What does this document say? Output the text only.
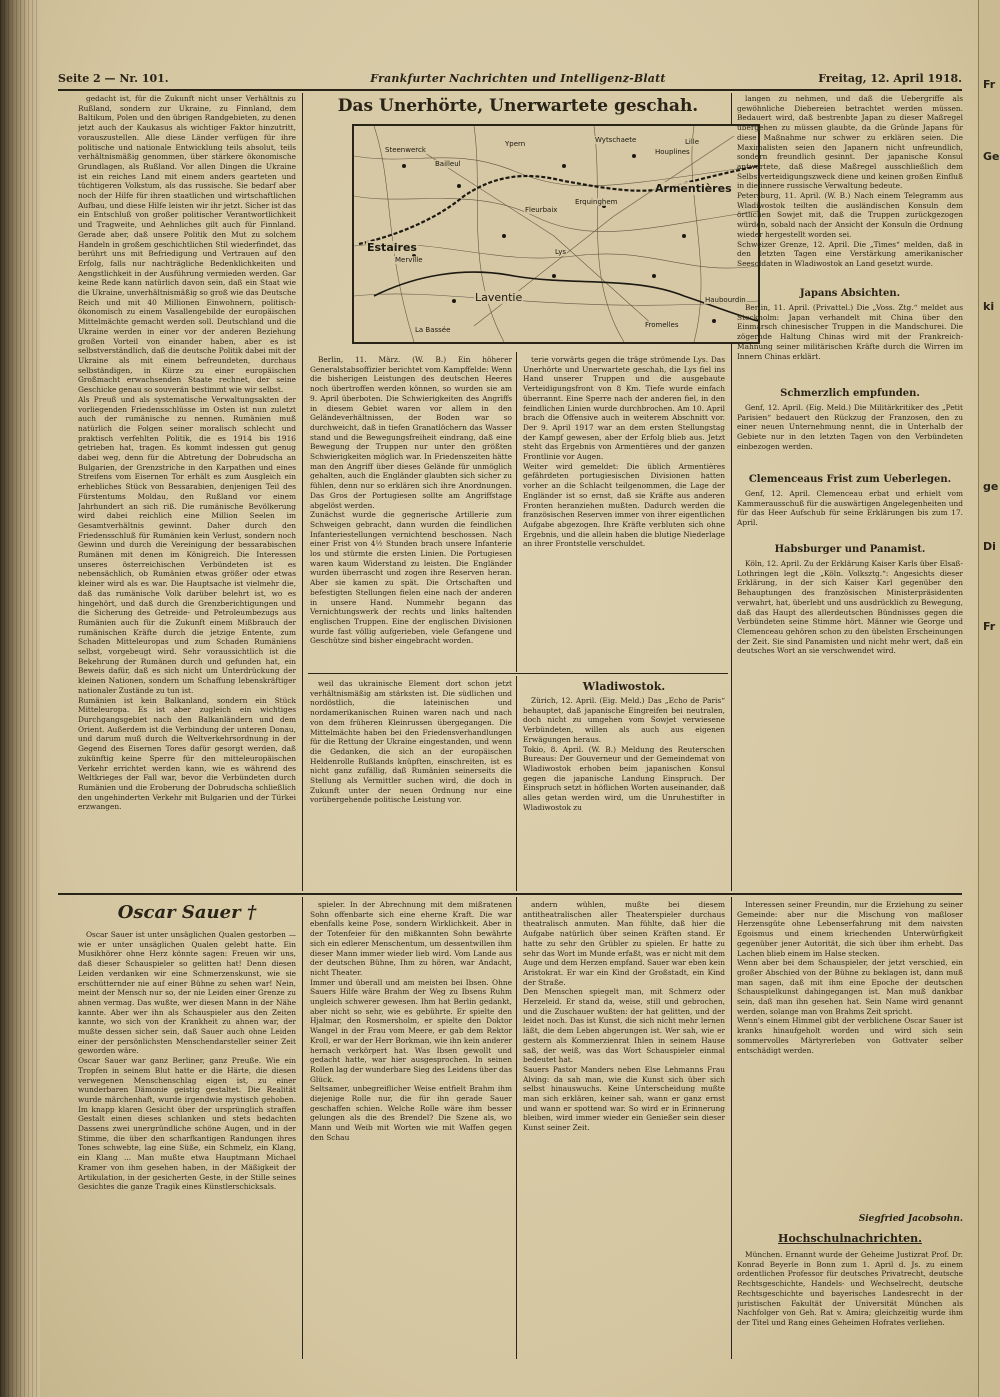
Seite 2 — Nr. 101.	Frankfurter Nachrichten und Intelligenz-Blatt	Freitag, 12. April 1918.

gedacht ist, für die Zukunft nicht unser Verhältnis zu Rußland, sondern zur Ukraine, zu Finnland, dem Baltikum, Polen und den übrigen Randgebieten, zu denen jetzt auch der Kaukasus als wichtiger Faktor hinzutritt, vorauszustellen. Alle diese Länder verfügen für ihre politische und nationale Entwicklung teils absolut, teils verhältnismäßig genommen, über stärkere ökonomische Grundlagen, als Rußland. Vor allen Dingen die Ukraine ist ein reiches Land mit einem anders gearteten und tüchtigeren Volkstum, als das russische. Sie bedarf aber noch der Hilfe für ihren staatlichen und wirtschaftlichen Aufbau, und diese Hilfe leisten wir ihr jetzt. Sicher ist das ein Entschluß von großer politischer Verantwortlichkeit und Tragweite, und Aehnliches gilt auch für Finnland. Gerade aber, daß unsere Politik den Mut zu solchem Handeln in großem geschichtlichen Stil wiederfindet, das berührt uns mit Befriedigung und Vertrauen auf den Erfolg, falls nur nachträgliche Bedenklichkeiten und Aengstlichkeit in der Ausführung vermieden werden. Gar keine Rede kann natürlich davon sein, daß ein Staat wie die Ukraine, unverhältnismäßig so groß wie das Deutsche Reich und mit 40 Millionen Einwohnern, politisch-ökonomisch zu einem Vasallengebilde der europäischen Mittelmächte gemacht werden soll. Deutschland und die Ukraine werden in einer vor der anderen Beziehung großen Vorteil von einander haben, aber es ist selbstverständlich, daß die deutsche Politik dabei mit der Ukraine als mit einem befreundeten, durchaus selbständigen, in Kürze zu einer europäischen Großmacht erwachsenden Staate rechnet, der seine Geschicke genau so souverän bestimmt wie wir selbst.
Als Preuß und als systematische Verwaltungsakten der vorliegenden Friedensschlüsse im Osten ist nun zuletzt auch der rumänische zu nennen. Rumänien muß natürlich die Folgen seiner moralisch schlecht und praktisch verfehlten Politik, die es 1914 bis 1916 getrieben hat, tragen. Es kommt indessen gut genug dabei weg, denn für die Abtretung der Dobrudscha an Bulgarien, der Grenzstriche in den Karpathen und eines Streifens vom Eisernen Tor erhält es zum Ausgleich ein erhebliches Stück von Bessarabien, denjenigen Teil des Fürstentums Moldau, den Rußland vor einem Jahrhundert an sich riß. Die rumänische Bevölkerung wird dabei reichlich eine Million Seelen im Gesamtverhältnis gewinnt. Daher durch den Friedensschluß für Rumänien kein Verlust, sondern noch Gewinn und durch die Vereinigung der bessarabischen Rumänen mit denen im Königreich. Die Interessen unseres österreichischen Verbündeten ist es nebensächlich, ob Rumänien etwas größer oder etwas kleiner wird als es war. Die Hauptsache ist vielmehr die, daß das rumänische Volk darüber belehrt ist, wo es hingehört, und daß durch die Grenzberichtigungen und die Sicherung des Getreide- und Petroleumbezugs aus Rumänien auch für die Zukunft einem Mißbrauch der rumänischen Kräfte durch die jetzige Entente, zum Schaden Mitteleuropas und zum Schaden Rumäniens selbst, vorgebeugt wird. Sehr voraussichtlich ist die Bekehrung der Rumänen durch und gefunden hat, ein Beweis dafür, daß es sich nicht um Unterdrückung der kleinen Nationen, sondern um Schaffung lebenskräftiger nationaler Zustände zu tun ist.
Rumänien ist kein Balkanland, sondern ein Stück Mitteleuropa. Es ist aber zugleich ein wichtiges Durchgangsgebiet nach den Balkanländern und dem Orient. Außerdem ist die Verbindung der unteren Donau, und darum muß durch die Weltverkehrsordnung in der Gegend des Eisernen Tores dafür gesorgt werden, daß zukünftig keine Sperre für den mitteleuropäischen Verkehr errichtet werden kann, wie es während des Weltkrieges der Fall war, bevor die Verbündeten durch Rumänien und die Eroberung der Dobrudscha schließlich den ungehinderten Verkehr mit Bulgarien und der Türkei erzwangen.

Das Unerhörte, Unerwartete geschah.
Ypern
Bailleul
Armentières
Estaires
Merville
Laventie
Fleurbaix
Erquinghem
Lille
Fromelles
La Bassée
Haubourdin
Houplines
Lys
Steenwerck
Wytschaete

Berlin, 11. März. (W. B.) Ein höherer Generalstabsoffizier berichtet vom Kampffelde: Wenn die bisherigen Leistungen des deutschen Heeres noch übertroffen werden können, so wurden sie am 9. April überboten. Die Schwierigkeiten des Angriffs in diesem Gebiet waren vor allem in den Geländeverhältnissen, der Boden war so durchweicht, daß in tiefen Granatlöchern das Wasser stand und die Bewegungsfreiheit eindrang, daß eine Bewegung der Truppen nur unter den größten Schwierigkeiten möglich war. In Friedenszeiten hätte man den Angriff über dieses Gelände für unmöglich gehalten, auch die Engländer glaubten sich sicher zu fühlen, denn nur so erklären sich ihre Anordnungen. Das Gros der Portugiesen sollte am Angriffstage abgelöst werden.
Zunächst wurde die gegnerische Artillerie zum Schweigen gebracht, dann wurden die feindlichen Infanteriestellungen vernichtend beschossen. Nach einer Frist von 4½ Stunden brach unsere Infanterie los und stürmte die ersten Linien. Die Portugiesen waren kaum Widerstand zu leisten. Die Engländer wurden überrascht und zogen ihre Reserven heran. Aber sie kamen zu spät. Die Ortschaften und befestigten Stellungen fielen eine nach der anderen in unsere Hand. Nummehr begann das Vernichtungswerk der rechts und links haltenden englischen Truppen. Eine der englischen Divisionen wurde fast völlig aufgerieben, viele Gefangene und Geschütze sind bisher eingebracht worden.

terie vorwärts gegen die träge strömende Lys. Das Unerhörte und Unerwartete geschah, die Lys fiel ins Hand unserer Truppen und die ausgebaute Verteidigungsfront von 8 Km. Tiefe wurde einfach überrannt. Eine Sperre nach der anderen fiel, in den feindlichen Linien wurde durchbrochen. Am 10. April brach die Offensive auch in weiterem Abschnitt vor. Der 9. April 1917 war an dem ersten Stellungstag der Kampf gewesen, aber der Erfolg blieb aus. Jetzt steht das Ergebnis von Armentières und der ganzen Frontlinie vor Augen.
Weiter wird gemeldet: Die üblich Armentières gefährdeten portugiesischen Divisionen hatten vorher an die Schlacht teilgenommen, die Lage der Engländer ist so ernst, daß sie Kräfte aus anderen Fronten heranziehen mußten. Dadurch werden die französischen Reserven immer von ihrer eigentlichen Aufgabe abgezogen. Ihre Kräfte verbluten sich ohne Ergebnis, und die allein haben die blutige Niederlage an ihrer Frontstelle verschuldet.

weil das ukrainische Element dort schon jetzt verhältnismäßig am stärksten ist. Die südlichen und nordöstlich, die lateinischen und nordamerikanischen Ruinen waren nach und nach von dem früheren Kleinrussen übergegangen. Die Mittelmächte haben bei den Friedensverhandlungen für die Rettung der Ukraine eingestanden, und wenn die Gedanken, die sich an der europäischen Heldenrolle Rußlands knüpften, einschreiten, ist es nicht ganz zufällig, daß Rumänien seinerseits die Stellung als Vermittler suchen wird, die doch in Zukunft unter der neuen Ordnung nur eine vorübergehende politische Leistung vor.

Wladiwostok.

Zürich, 12. April. (Eig. Meld.) Das „Echo de Paris“ behauptet, daß japanische Eingreifen bei neutralen, doch nicht zu umgehen vom Sowjet verwiesene Verbündeten, willen als auch aus eigenen Erwägungen heraus.
Tokio, 8. April. (W. B.) Meldung des Reuterschen Bureaus: Der Gouverneur und der Gemeindemat von Wladiwostok erhoben beim japanischen Konsul gegen die japanische Landung Einspruch. Der Einspruch setzt in höflichen Worten auseinander, daß alles getan werden wird, um die Unruhestifter in Wladiwostok zu

langen zu nehmen, und daß die Uebergriffe als gewöhnliche Diebereien betrachtet werden müssen. Bedauert wird, daß bestrenbte Japan zu dieser Maßregel übergehen zu müssen glaubte, da die Gründe Japans für diese Maßnahme nur schwer zu erklären seien. Die Maximalisten seien den Japanern nicht unfreundlich, sondern freundlich gesinnt. Der japanische Konsul antwortete, daß diese Maßregel ausschließlich dem Selbstverteidigungszweck diene und keinen großen Einfluß in die innere russische Verwaltung bedeute.
Petersburg, 11. April. (W. B.) Nach einem Telegramm aus Wladiwostok teilten die ausländischen Konsuln dem örtlichen Sowjet mit, daß die Truppen zurückgezogen würden, sobald nach der Ansicht der Konsuln die Ordnung wieder hergestellt worden sei.
Schweizer Grenze, 12. April. Die „Times“ melden, daß in den letzten Tagen eine Verstärkung amerikanischer Seesoldaten in Wladiwostok an Land gesetzt wurde.

Japans Absichten.

Berlin, 11. April. (Privattel.) Die „Voss. Ztg.“ meldet aus Stockholm: Japan verhandelt mit China über den Einmarsch chinesischer Truppen in die Mandschurei. Die zögernde Haltung Chinas wird mit der Frankreich-Mahnung seiner militärischen Kräfte durch die Wirren im Innern Chinas erklärt.

Schmerzlich empfunden.

Genf, 12. April. (Eig. Meld.) Die Militärkritiker des „Petit Parisien“ bedauert den Rückzug der Franzosen, den zu einer neuen Unternehmung nennt, die in Unterhalb der Gebiete nur in den letzten Tagen von den Verbündeten einbezogen werden.

Clemenceaus Frist zum Ueberlegen.

Genf, 12. April. Clemenceau erbat und erhielt vom Kammerausschuß für die auswärtigen Angelegenheiten und für das Heer Aufschub für seine Erklärungen bis zum 17. April.

Habsburger und Panamist.

Köln, 12. April. Zu der Erklärung Kaiser Karls über Elsaß-Lothringen legt die „Köln. Volksztg.“: Angesichts dieser Erklärung, in der sich Kaiser Karl gegenüber den Behauptungen des französischen Ministerpräsidenten verwahrt, hat, überlebt und uns ausdrücklich zu Bewegung, daß das Haupt des allerdeutschen Bündnisses gegen die Verbündeten seine Stimme hört. Männer wie George und Clemenceau gehören schon zu den übelsten Erscheinungen der Zeit. Sie sind Panamisten und nicht mehr wert, daß ein deutsches Wort an sie verschwendet wird.

Oscar Sauer †

Oscar Sauer ist unter unsäglichen Qualen gestorben — wie er unter unsäglichen Qualen gelebt hatte. Ein Musikhörer ohne Herz könnte sagen: Freuen wir uns, daß dieser Schauspieler so gelitten hat! Denn diesen Leiden verdanken wir eine Schmerzenskunst, wie sie erschütternder nie auf einer Bühne zu sehen war! Nein, meint der Mensch nur so, der nie Leiden einer Grenze zu ahnen vermag. Das wußte, wer diesen Mann in der Nähe kannte. Aber wer ihn als Schauspieler aus den Zeiten kannte, wo sich von der Krankheit zu ahnen war, der mußte dessen sicher sein, daß Sauer auch ohne Leiden einer der persönlichsten Menschendarsteller seiner Zeit geworden wäre.
Oscar Sauer war ganz Berliner, ganz Preuße. Wie ein Tropfen in seinem Blut hatte er die Härte, die diesen verwegenen Menschenschlag eigen ist, zu einer wunderbaren Dämonie geistig gestaltet. Die Realität wurde märchenhaft, wurde irgendwie mystisch gehoben. Im knapp klaren Gesicht über der ursprünglich straffen Gestalt einen dieses schlanken und stets bedachten Dassens zwei unergründliche schöne Augen, und in der Stimme, die über den scharfkantigen Randungen ihres Tones schwebte, lag eine Süße, ein Schmelz, ein Klang, ein Klang ... Man mußte etwa Hauptmann Michael Kramer von ihm gesehen haben, in der Mäßigkeit der Artikulation, in der gesicherten Geste, in der Stille seines Gesichtes die ganze Tragik eines Künstlerschicksals.

spieler. In der Abrechnung mit dem mißratenen Sohn offenbarte sich eine eherne Kraft. Die war ebenfalls keine Pose, sondern Wirklichkeit. Aber in der Totenfeier für den mißkannten Sohn bewährte sich ein edlerer Menschentum, um dessentwillen ihm dieser Mann immer wieder lieb wird. Vom Lande aus der deutschen Bühne, Ihm zu hören, war Andacht, nicht Theater.
Immer und überall und am meisten bei Ibsen. Ohne Sauers Hilfe wäre Brahm der Weg zu Ibsens Ruhm ungleich schwerer gewesen. Ihm hat Berlin gedankt, aber nicht so sehr, wie es gebührte. Er spielte den Hjalmar, den Rosmersholm, er spielte den Doktor Wangel in der Frau vom Meere, er gab dem Rektor Kroll, er war der Herr Borkman, wie ihn kein anderer hernach verkörpert hat. Was Ibsen gewollt und gedacht hatte, war hier ausgesprochen. In seinen Rollen lag der wunderbare Sieg des Leidens über das Glück.
Seltsamer, unbegreiflicher Weise entfielt Brahm ihm diejenige Rolle nur, die für ihn gerade Sauer geschaffen schien. Welche Rolle wäre ihm besser gelungen als die des Brendel? Die Szene als, wo Mann und Weib mit Worten wie mit Waffen gegen den Schau

andern wühlen, mußte bei diesem antitheatralischen aller Theaterspieler durchaus theatralisch anmuten. Man fühlte, daß hier die Aufgabe natürlich über seinen Kräften stand. Er hatte zu sehr den Grübler zu spielen. Er hatte zu sehr das Wort im Munde erfaßt, was er nicht mit dem Auge und dem Herzen empfand. Sauer war eben kein Aristokrat. Er war ein Kind der Großstadt, ein Kind der Straße.
Den Menschen spiegelt man, mit Schmerz oder Herzeleid. Er stand da, weise, still und gebrochen, und die Zuschauer wußten: der hat gelitten, und der leidet noch. Das ist Kunst, die sich nicht mehr lernen läßt, die dem Leben abgerungen ist. Wer sah, wie er gestern als Kommerzienrat Ihlen in seinem Hause saß, der weiß, was das Wort Schauspieler einmal bedeutet hat.
Sauers Pastor Manders neben Else Lehmanns Frau Alving: da sah man, wie die Kunst sich über sich selbst hinauswuchs. Keine Unterscheidung mußte man sich erklären, keiner sah, wann er ganz ernst und wann er spottend war. So wird er in Erinnerung bleiben, wird immer wieder ein Genießer sein dieser Kunst seiner Zeit.

Interessen seiner Freundin, nur die Erziehung zu seiner Gemeinde: aber nur die Mischung von maßloser Herzensgüte ohne Lebenserfahrung mit dem naivsten Egoismus und einem kriechenden Unterwürfigkeit gegenüber jener Autorität, die sich über ihm erhebt. Das Lachen blieb einem im Halse stecken.
Wenn aber bei dem Schauspieler, der jetzt verschied, ein großer Abschied von der Bühne zu beklagen ist, dann muß man sagen, daß mit ihm eine Epoche der deutschen Schauspielkunst dahingegangen ist. Man muß dankbar sein, daß man ihn gesehen hat. Sein Name wird genannt werden, solange man von Brahms Zeit spricht.
Wenn's einem Himmel gibt der verblichene Oscar Sauer ist kranks hinaufgeholt worden und wird sich sein sommervolles Märtyrerleben von Gottvater selber entschädigt werden.

Siegfried Jacobsohn.
Hochschulnachrichten.

München. Ernannt wurde der Geheime Justizrat Prof. Dr. Konrad Beyerle in Bonn zum 1. April d. Js. zu einem ordentlichen Professor für deutsches Privatrecht, deutsche Rechtsgeschichte, Handels- und Wechselrecht, deutsche Rechtsgeschichte und bayerisches Landesrecht in der juristischen Fakultät der Universität München als Nachfolger von Geh. Rat v. Amira; gleichzeitig wurde ihm der Titel und Rang eines Geheimen Hofrates verliehen.

Fr
Ge
ki
ge
Di
Fr
